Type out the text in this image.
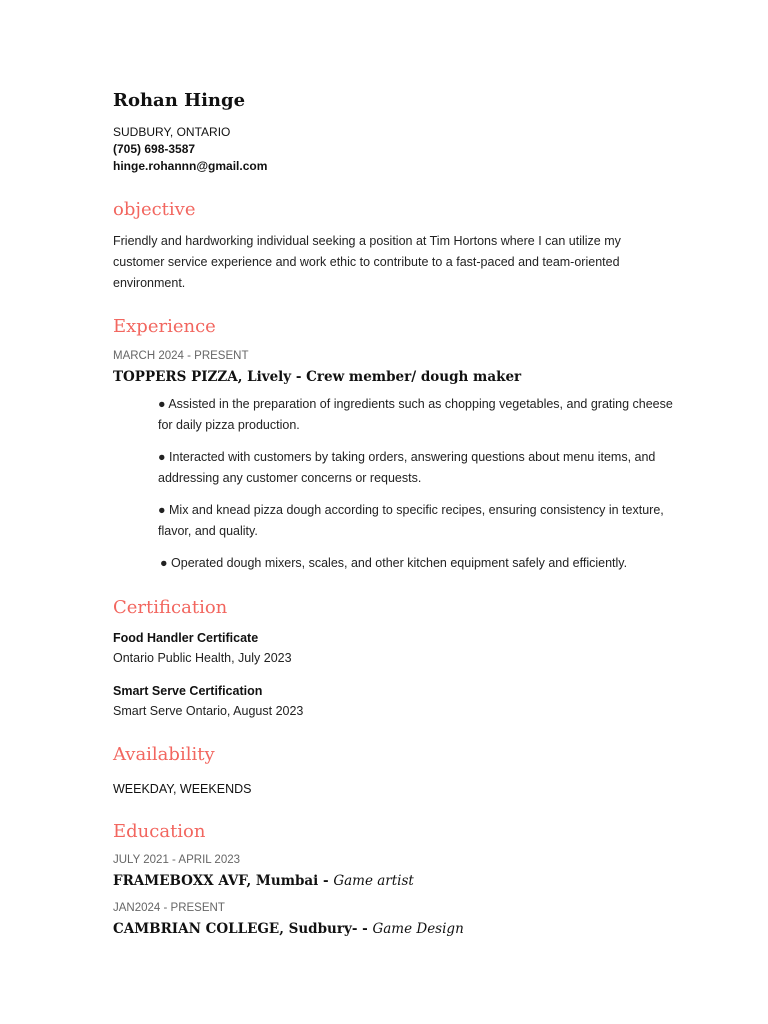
Rohan Hinge

SUDBURY, ONTARIO

(705) 698-3587

hinge.rohannn@gmail.com

objective

Friendly and hardworking individual seeking a position at Tim Hortons where I can utilize my customer service experience and work ethic to contribute to a fast-paced and team-oriented environment.

Experience

MARCH 2024 - PRESENT

TOPPERS PIZZA, Lively - Crew member/ dough maker

● Assisted in the preparation of ingredients such as chopping vegetables, and grating cheese for daily pizza production.
● Interacted with customers by taking orders, answering questions about menu items, and addressing any customer concerns or requests.
● Mix and knead pizza dough according to specific recipes, ensuring consistency in texture, flavor, and quality.
● Operated dough mixers, scales, and other kitchen equipment safely and efficiently.
Certification

Food Handler Certificate

Ontario Public Health, July 2023

Smart Serve Certification

Smart Serve Ontario, August 2023

Availability

WEEKDAY, WEEKENDS

Education

JULY 2021 - APRIL 2023

FRAMEBOXX AVF, Mumbai - Game artist

JAN2024 - PRESENT

CAMBRIAN COLLEGE, Sudbury- - Game Design
